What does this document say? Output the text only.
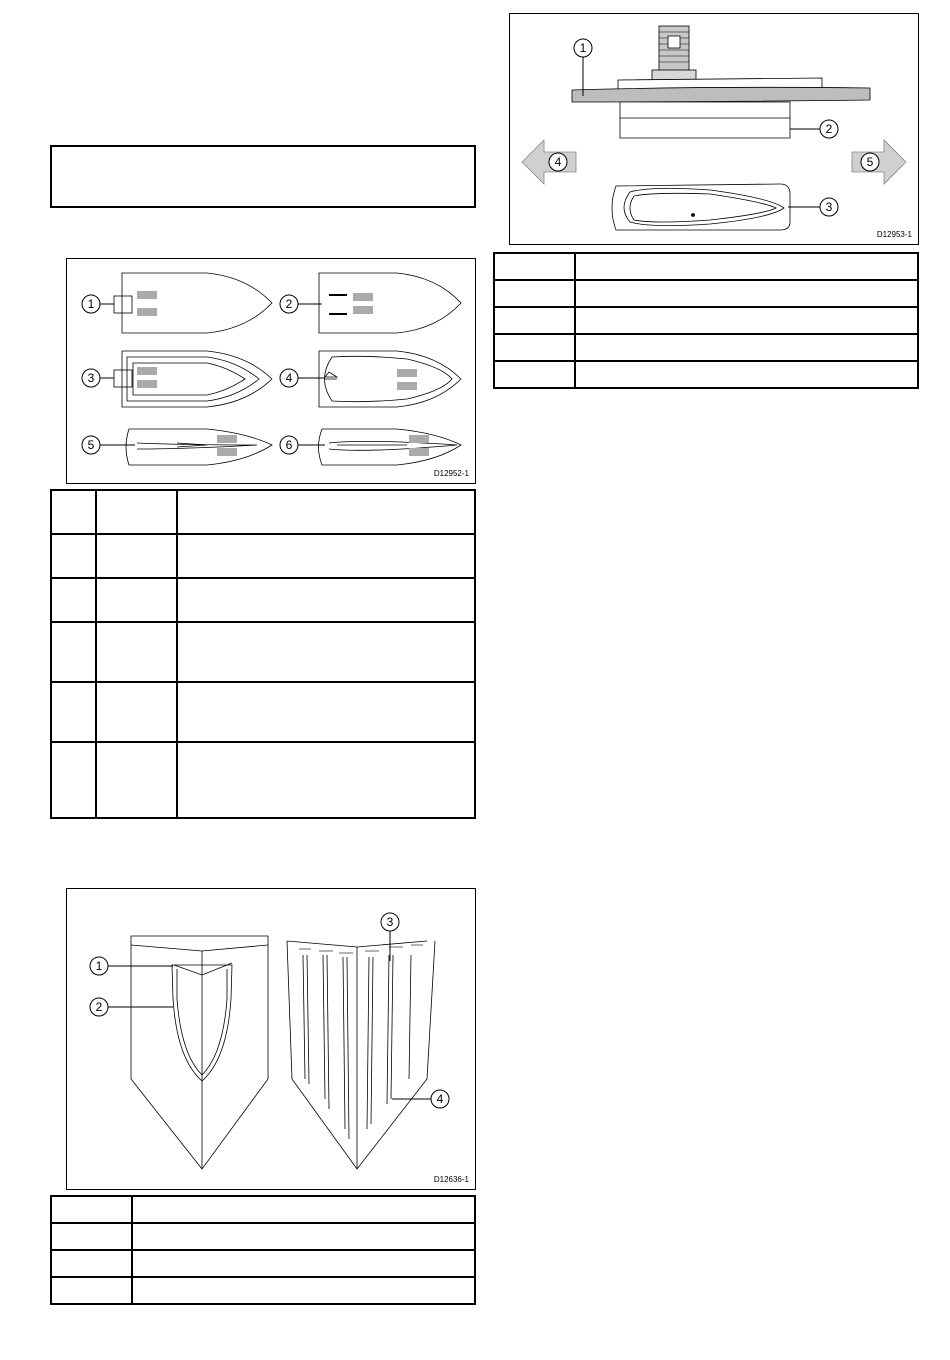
1	2
3	4
5	6
D12952-1

1
2
3
4
D12636-1

1
2
3
4	5
D12953-1
